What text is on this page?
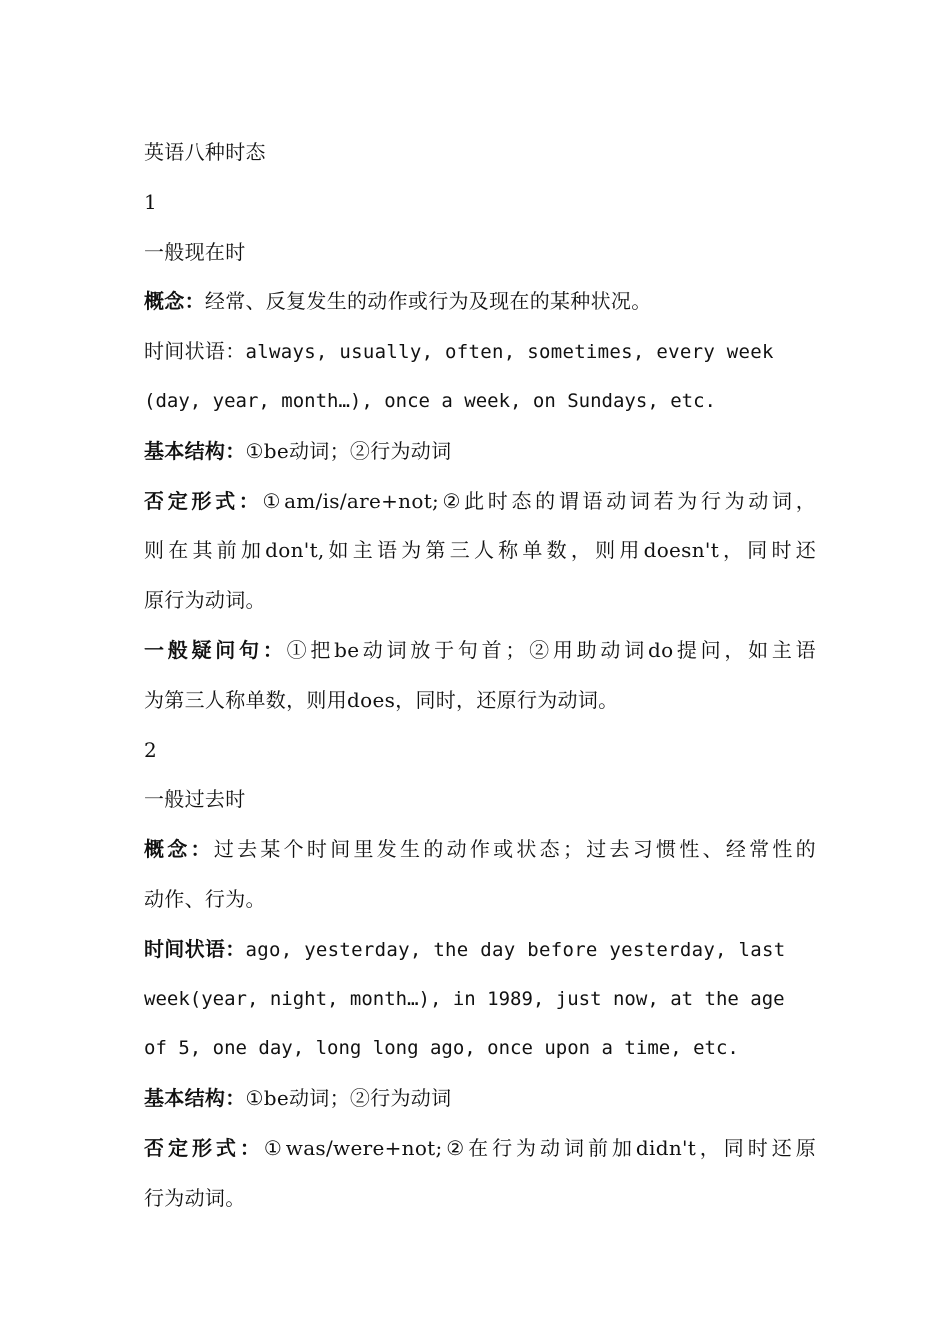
英语八种时态
1
一般现在时
概念：经常、反复发生的动作或行为及现在的某种状况。
时间状语：always, usually, often, sometimes, every week
(day, year, month…), once a week, on Sundays, etc.
基本结构：①be动词；②行为动词
否定形式：①am/is/are+not;②此时态的谓语动词若为行为动词，
则在其前加don't,如主语为第三人称单数，则用doesn't，同时还
原行为动词。
一般疑问句：①把be动词放于句首；②用助动词do提问，如主语
为第三人称单数，则用does，同时，还原行为动词。
2
一般过去时
概念：过去某个时间里发生的动作或状态；过去习惯性、经常性的
动作、行为。
时间状语：ago, yesterday, the day before yesterday, last
week(year, night, month…), in 1989, just now, at the age
of 5, one day, long long ago, once upon a time, etc.
基本结构：①be动词；②行为动词
否定形式：①was/were+not;②在行为动词前加didn't，同时还原
行为动词。
